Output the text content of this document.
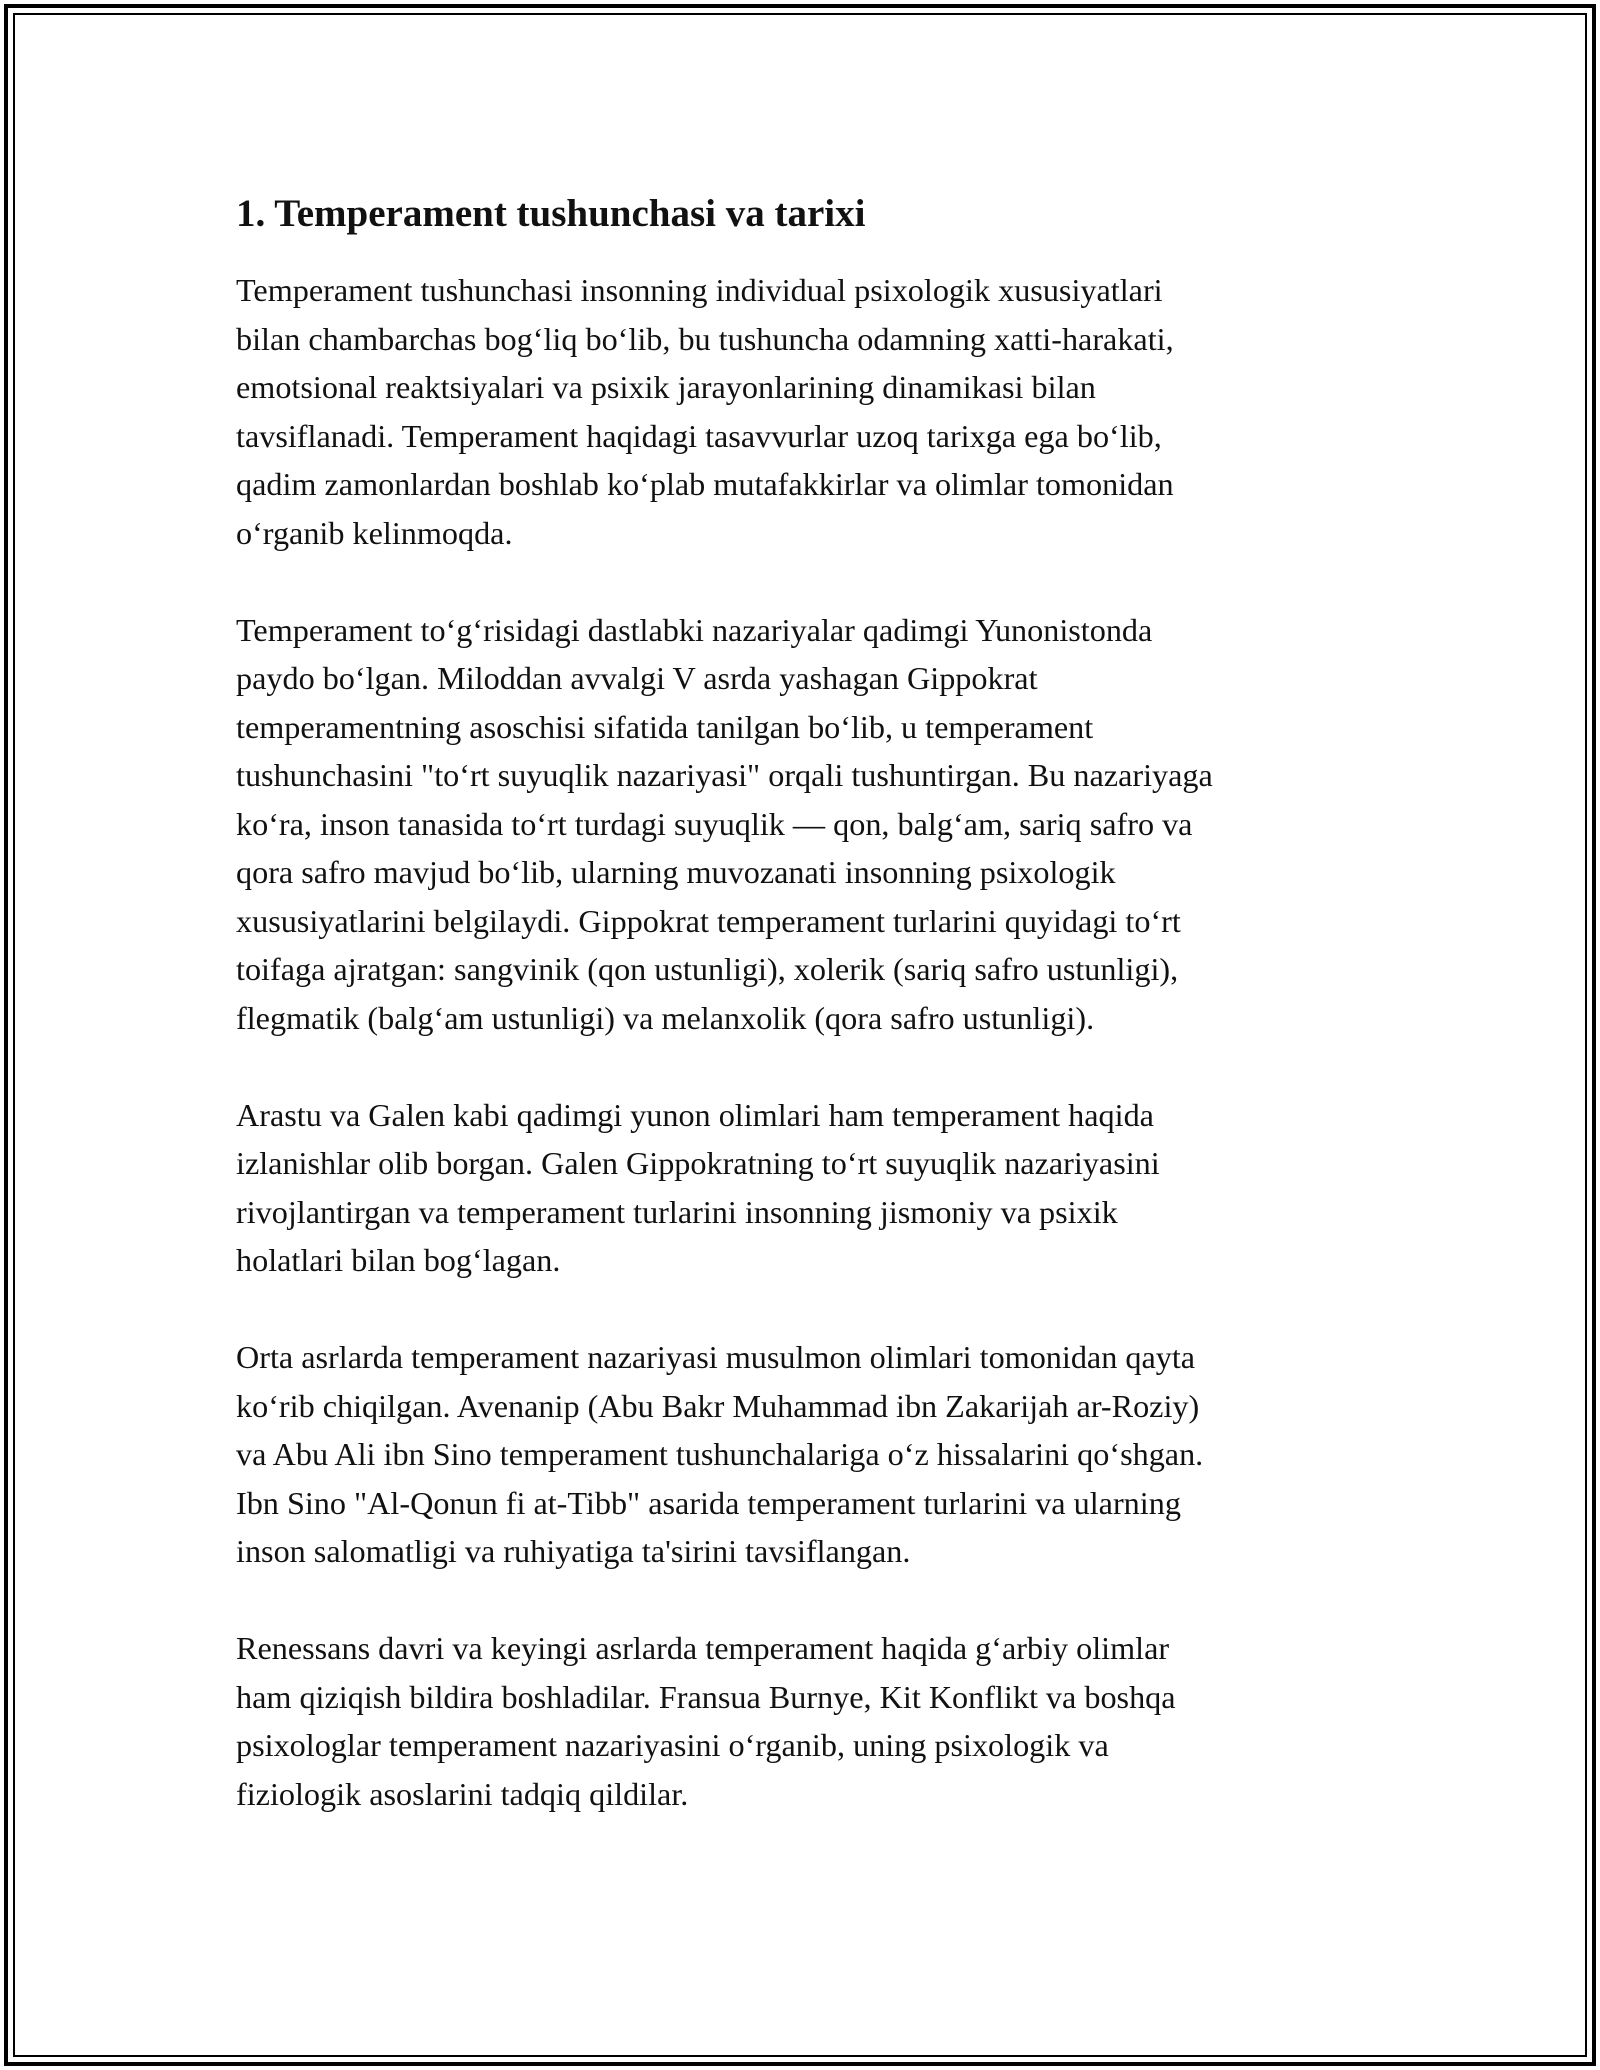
1. Temperament tushunchasi va tarixi

Temperament tushunchasi insonning individual psixologik xususiyatlari
bilan chambarchas bog‘liq bo‘lib, bu tushuncha odamning xatti-harakati,
emotsional reaktsiyalari va psixik jarayonlarining dinamikasi bilan
tavsiflanadi. Temperament haqidagi tasavvurlar uzoq tarixga ega bo‘lib,
qadim zamonlardan boshlab ko‘plab mutafakkirlar va olimlar tomonidan
o‘rganib kelinmoqda.

Temperament to‘g‘risidagi dastlabki nazariyalar qadimgi Yunonistonda
paydo bo‘lgan. Miloddan avvalgi V asrda yashagan Gippokrat
temperamentning asoschisi sifatida tanilgan bo‘lib, u temperament
tushunchasini "to‘rt suyuqlik nazariyasi" orqali tushuntirgan. Bu nazariyaga
ko‘ra, inson tanasida to‘rt turdagi suyuqlik — qon, balg‘am, sariq safro va
qora safro mavjud bo‘lib, ularning muvozanati insonning psixologik
xususiyatlarini belgilaydi. Gippokrat temperament turlarini quyidagi to‘rt
toifaga ajratgan: sangvinik (qon ustunligi), xolerik (sariq safro ustunligi),
flegmatik (balg‘am ustunligi) va melanxolik (qora safro ustunligi).

Arastu va Galen kabi qadimgi yunon olimlari ham temperament haqida
izlanishlar olib borgan. Galen Gippokratning to‘rt suyuqlik nazariyasini
rivojlantirgan va temperament turlarini insonning jismoniy va psixik
holatlari bilan bog‘lagan.

Orta asrlarda temperament nazariyasi musulmon olimlari tomonidan qayta
ko‘rib chiqilgan. Avenanip (Abu Bakr Muhammad ibn Zakarijah ar-Roziy)
va Abu Ali ibn Sino temperament tushunchalariga o‘z hissalarini qo‘shgan.
Ibn Sino "Al-Qonun fi at-Tibb" asarida temperament turlarini va ularning
inson salomatligi va ruhiyatiga ta'sirini tavsiflangan.

Renessans davri va keyingi asrlarda temperament haqida g‘arbiy olimlar
ham qiziqish bildira boshladilar. Fransua Burnye, Kit Konflikt va boshqa
psixologlar temperament nazariyasini o‘rganib, uning psixologik va
fiziologik asoslarini tadqiq qildilar.
